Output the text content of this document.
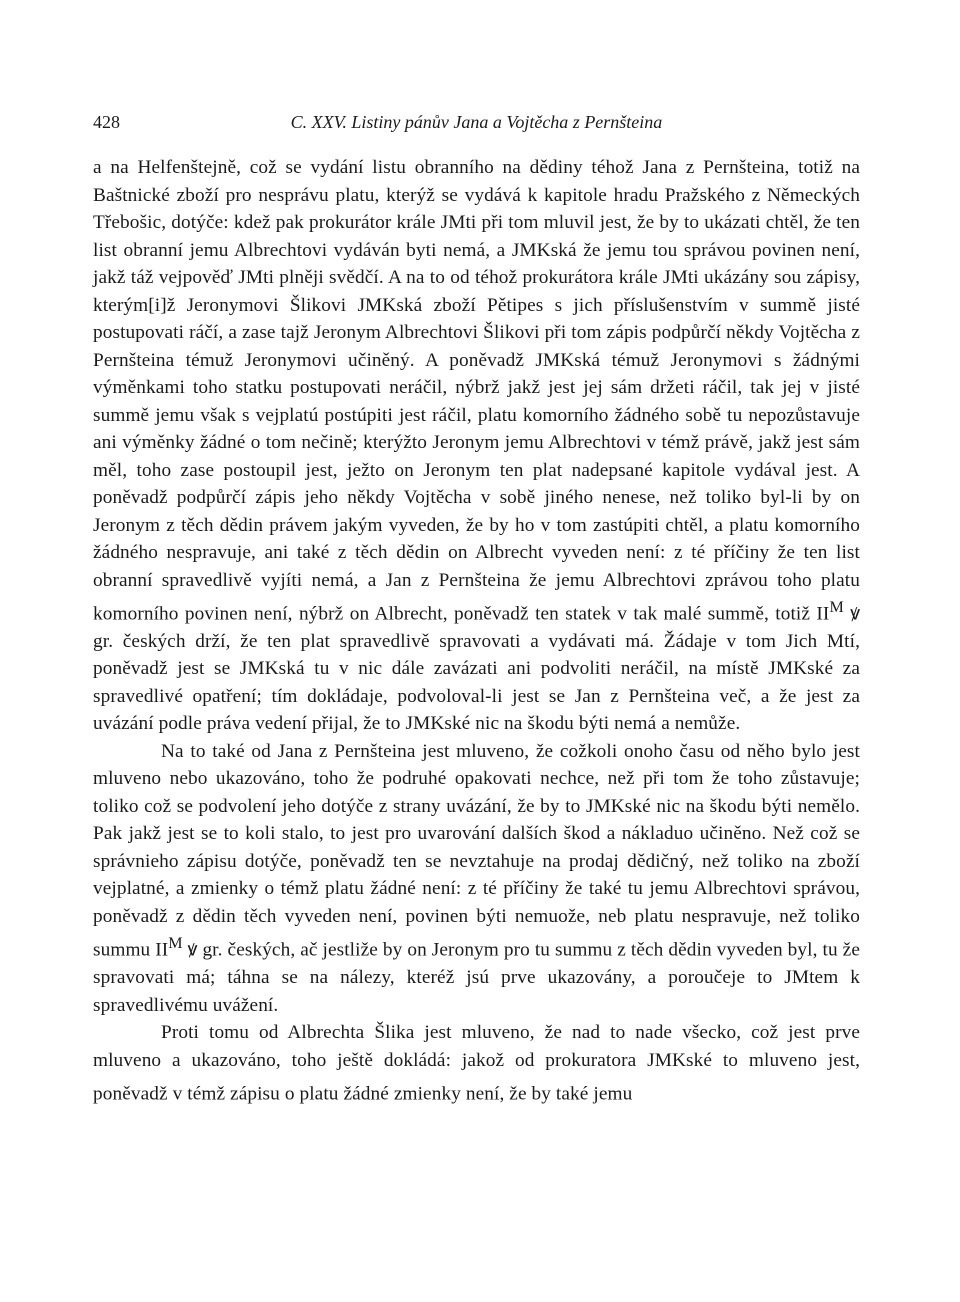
428	C. XXV. Listiny pánův Jana a Vojtěcha z Pernšteina

a na Helfenštejně, což se vydání listu obranního na dědiny téhož Jana z Pernšteina, totiž na Baštnické zboží pro nesprávu platu, kterýž se vydává k kapitole hradu Pražského z Německých Třebošic, dotýče: kdež pak prokurátor krále JMti při tom mluvil jest, že by to ukázati chtěl, že ten list obranní jemu Albrechtovi vydáván byti nemá, a JMKská že jemu tou správou povinen není, jakž táž vejpověď JMti plněji svědčí. A na to od téhož prokurátora krále JMti ukázány sou zápisy, kterým[i]ž Jeronymovi Šlikovi JMKská zboží Pětipes s jich příslušenstvím v summě jisté postupovati ráčí, a zase tajž Jeronym Albrechtovi Šlikovi při tom zápis podpůrčí někdy Vojtěcha z Pernšteina témuž Jeronymovi učiněný. A poněvadž JMKská témuž Jeronymovi s žádnými výměnkami toho statku postupovati neráčil, nýbrž jakž jest jej sám držeti ráčil, tak jej v jisté summě jemu však s vejplatú postúpiti jest ráčil, platu komorního žádného sobě tu nepozůstavuje ani výměnky žádné o tom nečině; kterýžto Jeronym jemu Albrechtovi v témž právě, jakž jest sám měl, toho zase postoupil jest, ježto on Jeronym ten plat nadepsané kapitole vydával jest. A poněvadž podpůrčí zápis jeho někdy Vojtěcha v sobě jiného nenese, než toliko byl-li by on Jeronym z těch dědin právem jakým vyveden, že by ho v tom zastúpiti chtěl, a platu komorního žádného nespravuje, ani také z těch dědin on Albrecht vyveden není: z té příčiny že ten list obranní spravedlivě vyjíti nemá, a Jan z Pernšteina že jemu Albrechtovi zprávou toho platu komorního povinen není, nýbrž on Albrecht, poněvadž ten statek v tak malé summě, totiž $II^M$ ꝟ gr. českých drží, že ten plat spravedlivě spravovati a vydávati má. Žádaje v tom Jich Mtí, poněvadž jest se JMKská tu v nic dále zavázati ani podvoliti neráčil, na místě JMKské za spravedlivé opatření; tím dokládaje, podvoloval-li jest se Jan z Pernšteina več, a že jest za uvázání podle práva vedení přijal, že to JMKské nic na škodu býti nemá a nemůže.

Na to také od Jana z Pernšteina jest mluveno, že cožkoli onoho času od něho bylo jest mluveno nebo ukazováno, toho že podruhé opakovati nechce, než při tom že toho zůstavuje; toliko což se podvolení jeho dotýče z strany uvázání, že by to JMKské nic na škodu býti nemělo. Pak jakž jest se to koli stalo, to jest pro uvarování dalších škod a nákladuo učiněno. Než což se správnieho zápisu dotýče, poněvadž ten se nevztahuje na prodaj dědičný, než toliko na zboží vejplatné, a zmienky o témž platu žádné není: z té příčiny že také tu jemu Albrechtovi správou, poněvadž z dědin těch vyveden není, povinen býti nemuože, neb platu nespravuje, než toliko summu $II^M$ ꝟ gr. českých, ač jestliže by on Jeronym pro tu summu z těch dědin vyveden byl, tu že spravovati má; táhna se na nálezy, kteréž jsú prve ukazovány, a poroučeje to JMtem k spravedlivému uvážení.

Proti tomu od Albrechta Šlika jest mluveno, že nad to nade všecko, což jest prve mluveno a ukazováno, toho ještě dokládá: jakož od prokuratora JMKské to mluveno jest, poněvadž v témž zápisu o platu žádné zmienky není, že by také jemu
